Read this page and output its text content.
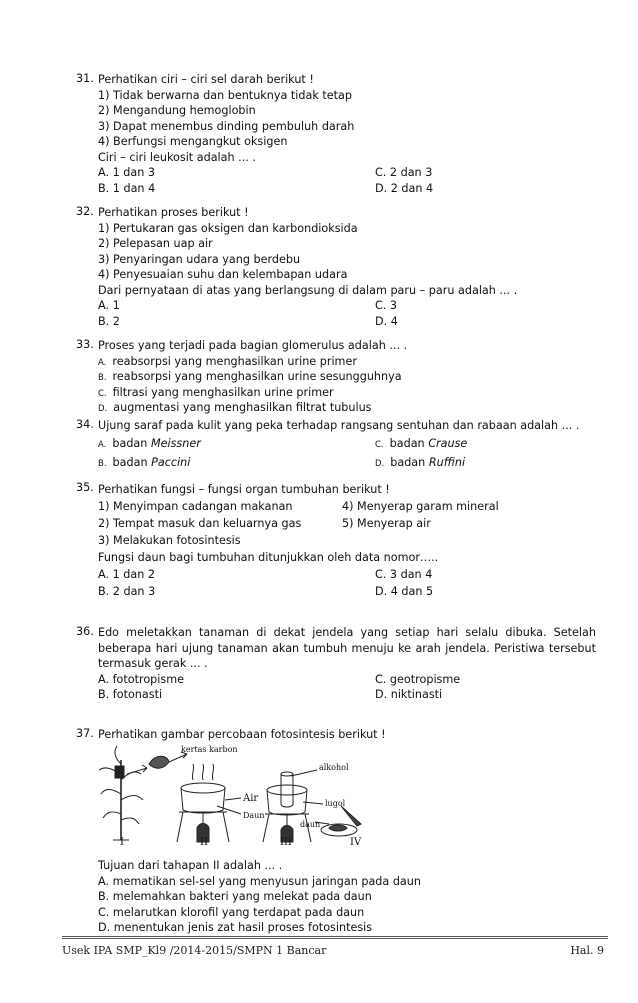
31. Perhatikan ciri – ciri sel darah berikut !
1) Tidak berwarna dan bentuknya tidak tetap
2) Mengandung hemoglobin
3) Dapat menembus dinding pembuluh darah
4) Berfungsi mengangkut oksigen
Ciri – ciri leukosit adalah ... .
A. 1 dan 3	C. 2 dan 3
B. 1 dan 4	D. 2 dan 4
32. Perhatikan proses berikut !
1) Pertukaran gas oksigen dan karbondioksida
2) Pelepasan uap air
3) Penyaringan udara yang berdebu
4) Penyesuaian suhu dan kelembapan udara
Dari pernyataan di atas yang berlangsung di dalam paru – paru adalah ... .
A. 1	C. 3
B. 2	D. 4
33. Proses yang terjadi pada bagian glomerulus adalah ... .
A. reabsorpsi yang menghasilkan urine primer
B. reabsorpsi yang menghasilkan urine sesungguhnya
C. filtrasi yang menghasilkan urine primer
D. augmentasi yang menghasilkan filtrat tubulus
34. Ujung saraf pada kulit yang peka terhadap rangsang sentuhan dan rabaan adalah ... .
A. badan Meissner	C. badan Crause
B. badan Paccini	D. badan Ruffini
35. Perhatikan fungsi – fungsi organ tumbuhan berikut !
1) Menyimpan cadangan makanan	4) Menyerap garam mineral
2) Tempat masuk dan keluarnya gas	5) Menyerap air
3) Melakukan fotosintesis
Fungsi daun bagi tumbuhan ditunjukkan oleh data nomor…..
A. 1 dan 2	C. 3 dan 4
B. 2 dan 3	D. 4 dan 5
36. Edo meletakkan tanaman di dekat jendela yang setiap hari selalu dibuka. Setelah beberapa hari ujung tanaman akan tumbuh menuju ke arah jendela. Peristiwa tersebut termasuk gerak ... .
A. fototropisme	C. geotropisme
B. fotonasti	D. niktinasti
37. Perhatikan gambar percobaan fotosintesis berikut !
kertas karbon
Air
Daun
alkohol
lugol
daun
I	II	III	IV
Tujuan dari tahapan II adalah ... .
A. mematikan sel-sel yang menyusun jaringan pada daun
B. melemahkan bakteri yang melekat pada daun
C. melarutkan klorofil yang terdapat pada daun
D. menentukan jenis zat hasil proses fotosintesis
Usek IPA SMP_Kl9 /2014-2015/SMPN 1 Bancar	Hal. 9
